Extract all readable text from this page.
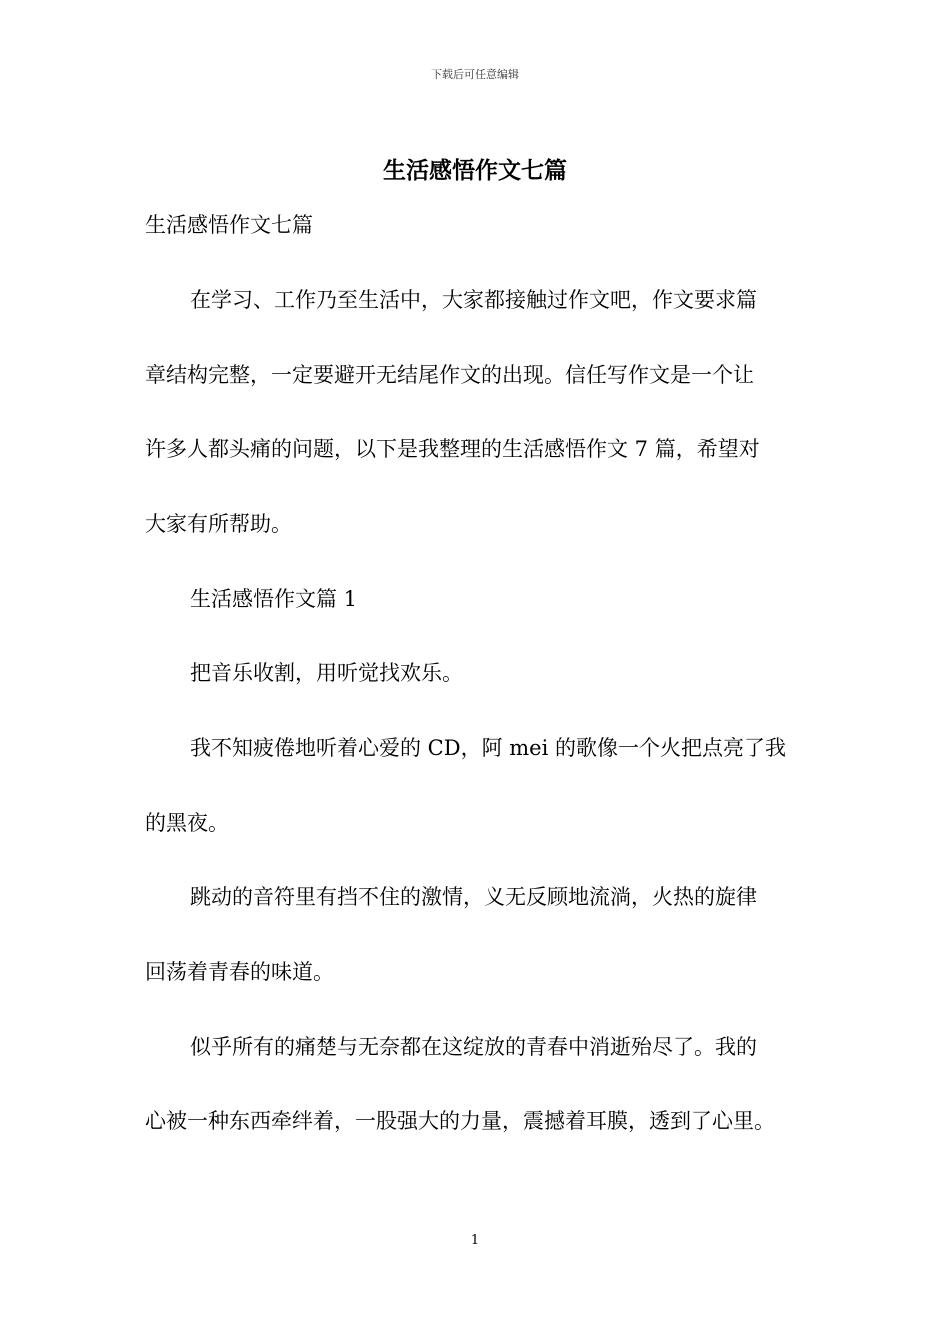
下载后可任意编辑
生活感悟作文七篇
生活感悟作文七篇
在学习、工作乃至生活中，大家都接触过作文吧，作文要求篇
章结构完整，一定要避开无结尾作文的出现。信任写作文是一个让
许多人都头痛的问题，以下是我整理的生活感悟作文 7 篇，希望对
大家有所帮助。
生活感悟作文篇 1
把音乐收割，用听觉找欢乐。
我不知疲倦地听着心爱的 CD，阿 mei 的歌像一个火把点亮了我
的黑夜。
跳动的音符里有挡不住的激情，义无反顾地流淌，火热的旋律
回荡着青春的味道。
似乎所有的痛楚与无奈都在这绽放的青春中消逝殆尽了。我的
心被一种东西牵绊着，一股强大的力量，震撼着耳膜，透到了心里。
1
